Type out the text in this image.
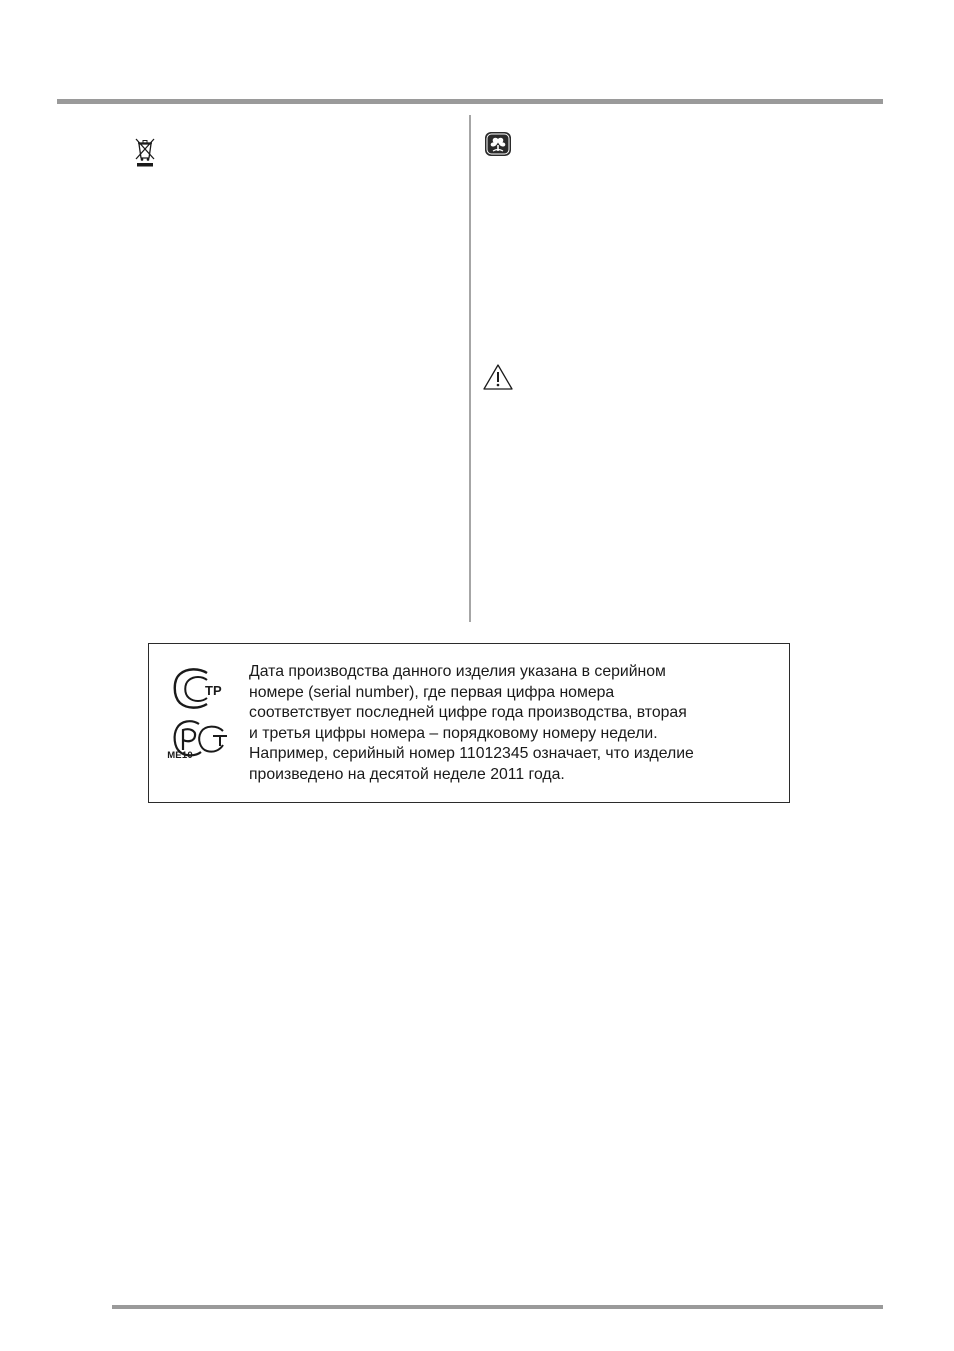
ТР
МЕ10

Дата производства данного изделия указана в серийном
номере (serial number), где первая цифра номера
соответствует последней цифре года производства, вторая
и третья цифры номера – порядковому номеру недели.
Например, серийный номер 11012345 означает, что изделие
произведено на десятой неделе 2011 года.
